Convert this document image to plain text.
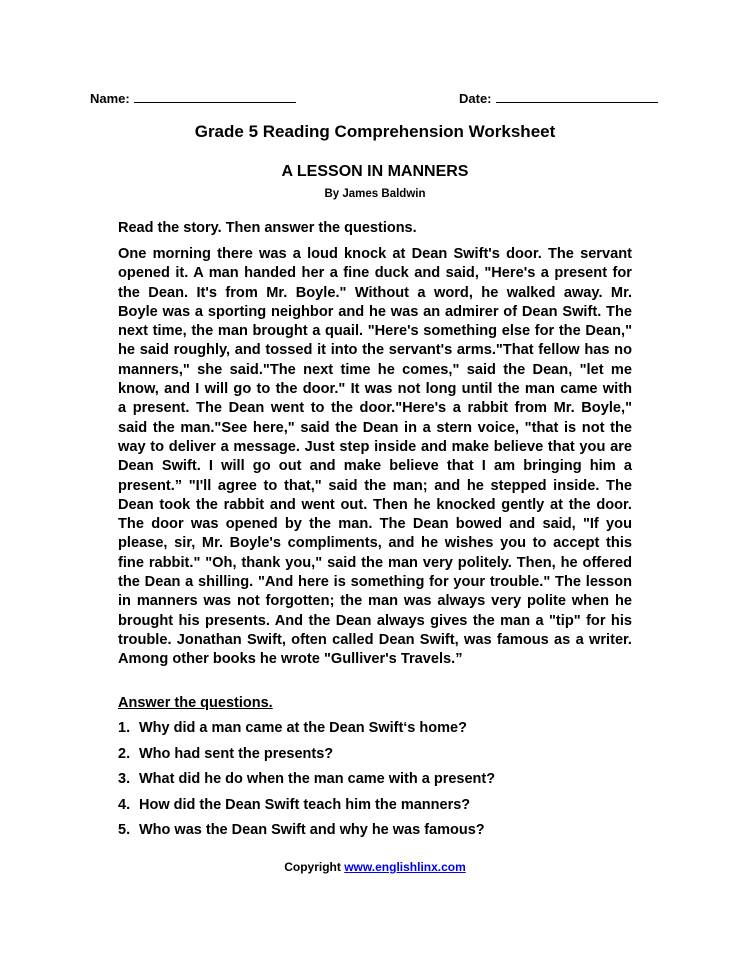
Name:	Date:
Grade 5 Reading Comprehension Worksheet
A LESSON IN MANNERS
By James Baldwin
Read the story. Then answer the questions.
One morning there was a loud knock at Dean Swift's door. The servant
opened it. A man handed her a fine duck and said, "Here's a present for
the Dean. It's from Mr. Boyle." Without a word, he walked away. Mr.
Boyle was a sporting neighbor and he was an admirer of Dean Swift. The
next time, the man brought a quail. "Here's something else for the Dean,"
he said roughly, and tossed it into the servant's arms."That fellow has no
manners," she said."The next time he comes," said the Dean, "let me
know, and I will go to the door." It was not long until the man came with
a present. The Dean went to the door."Here's a rabbit from Mr. Boyle,"
said the man."See here," said the Dean in a stern voice, "that is not the
way to deliver a message. Just step inside and make believe that you are
Dean Swift. I will go out and make believe that I am bringing him a
present.” "I'll agree to that," said the man; and he stepped inside. The
Dean took the rabbit and went out. Then he knocked gently at the door.
The door was opened by the man. The Dean bowed and said, "If you
please, sir, Mr. Boyle's compliments, and he wishes you to accept this
fine rabbit." "Oh, thank you," said the man very politely. Then, he offered
the Dean a shilling. "And here is something for your trouble." The lesson
in manners was not forgotten; the man was always very polite when he
brought his presents. And the Dean always gives the man a "tip" for his
trouble. Jonathan Swift, often called Dean Swift, was famous as a writer.
Among other books he wrote "Gulliver's Travels.”
Answer the questions.
1. Why did a man came at the Dean Swift‘s home?
2. Who had sent the presents?
3. What did he do when the man came with a present?
4. How did the Dean Swift teach him the manners?
5. Who was the Dean Swift and why he was famous?
Copyright www.englishlinx.com
